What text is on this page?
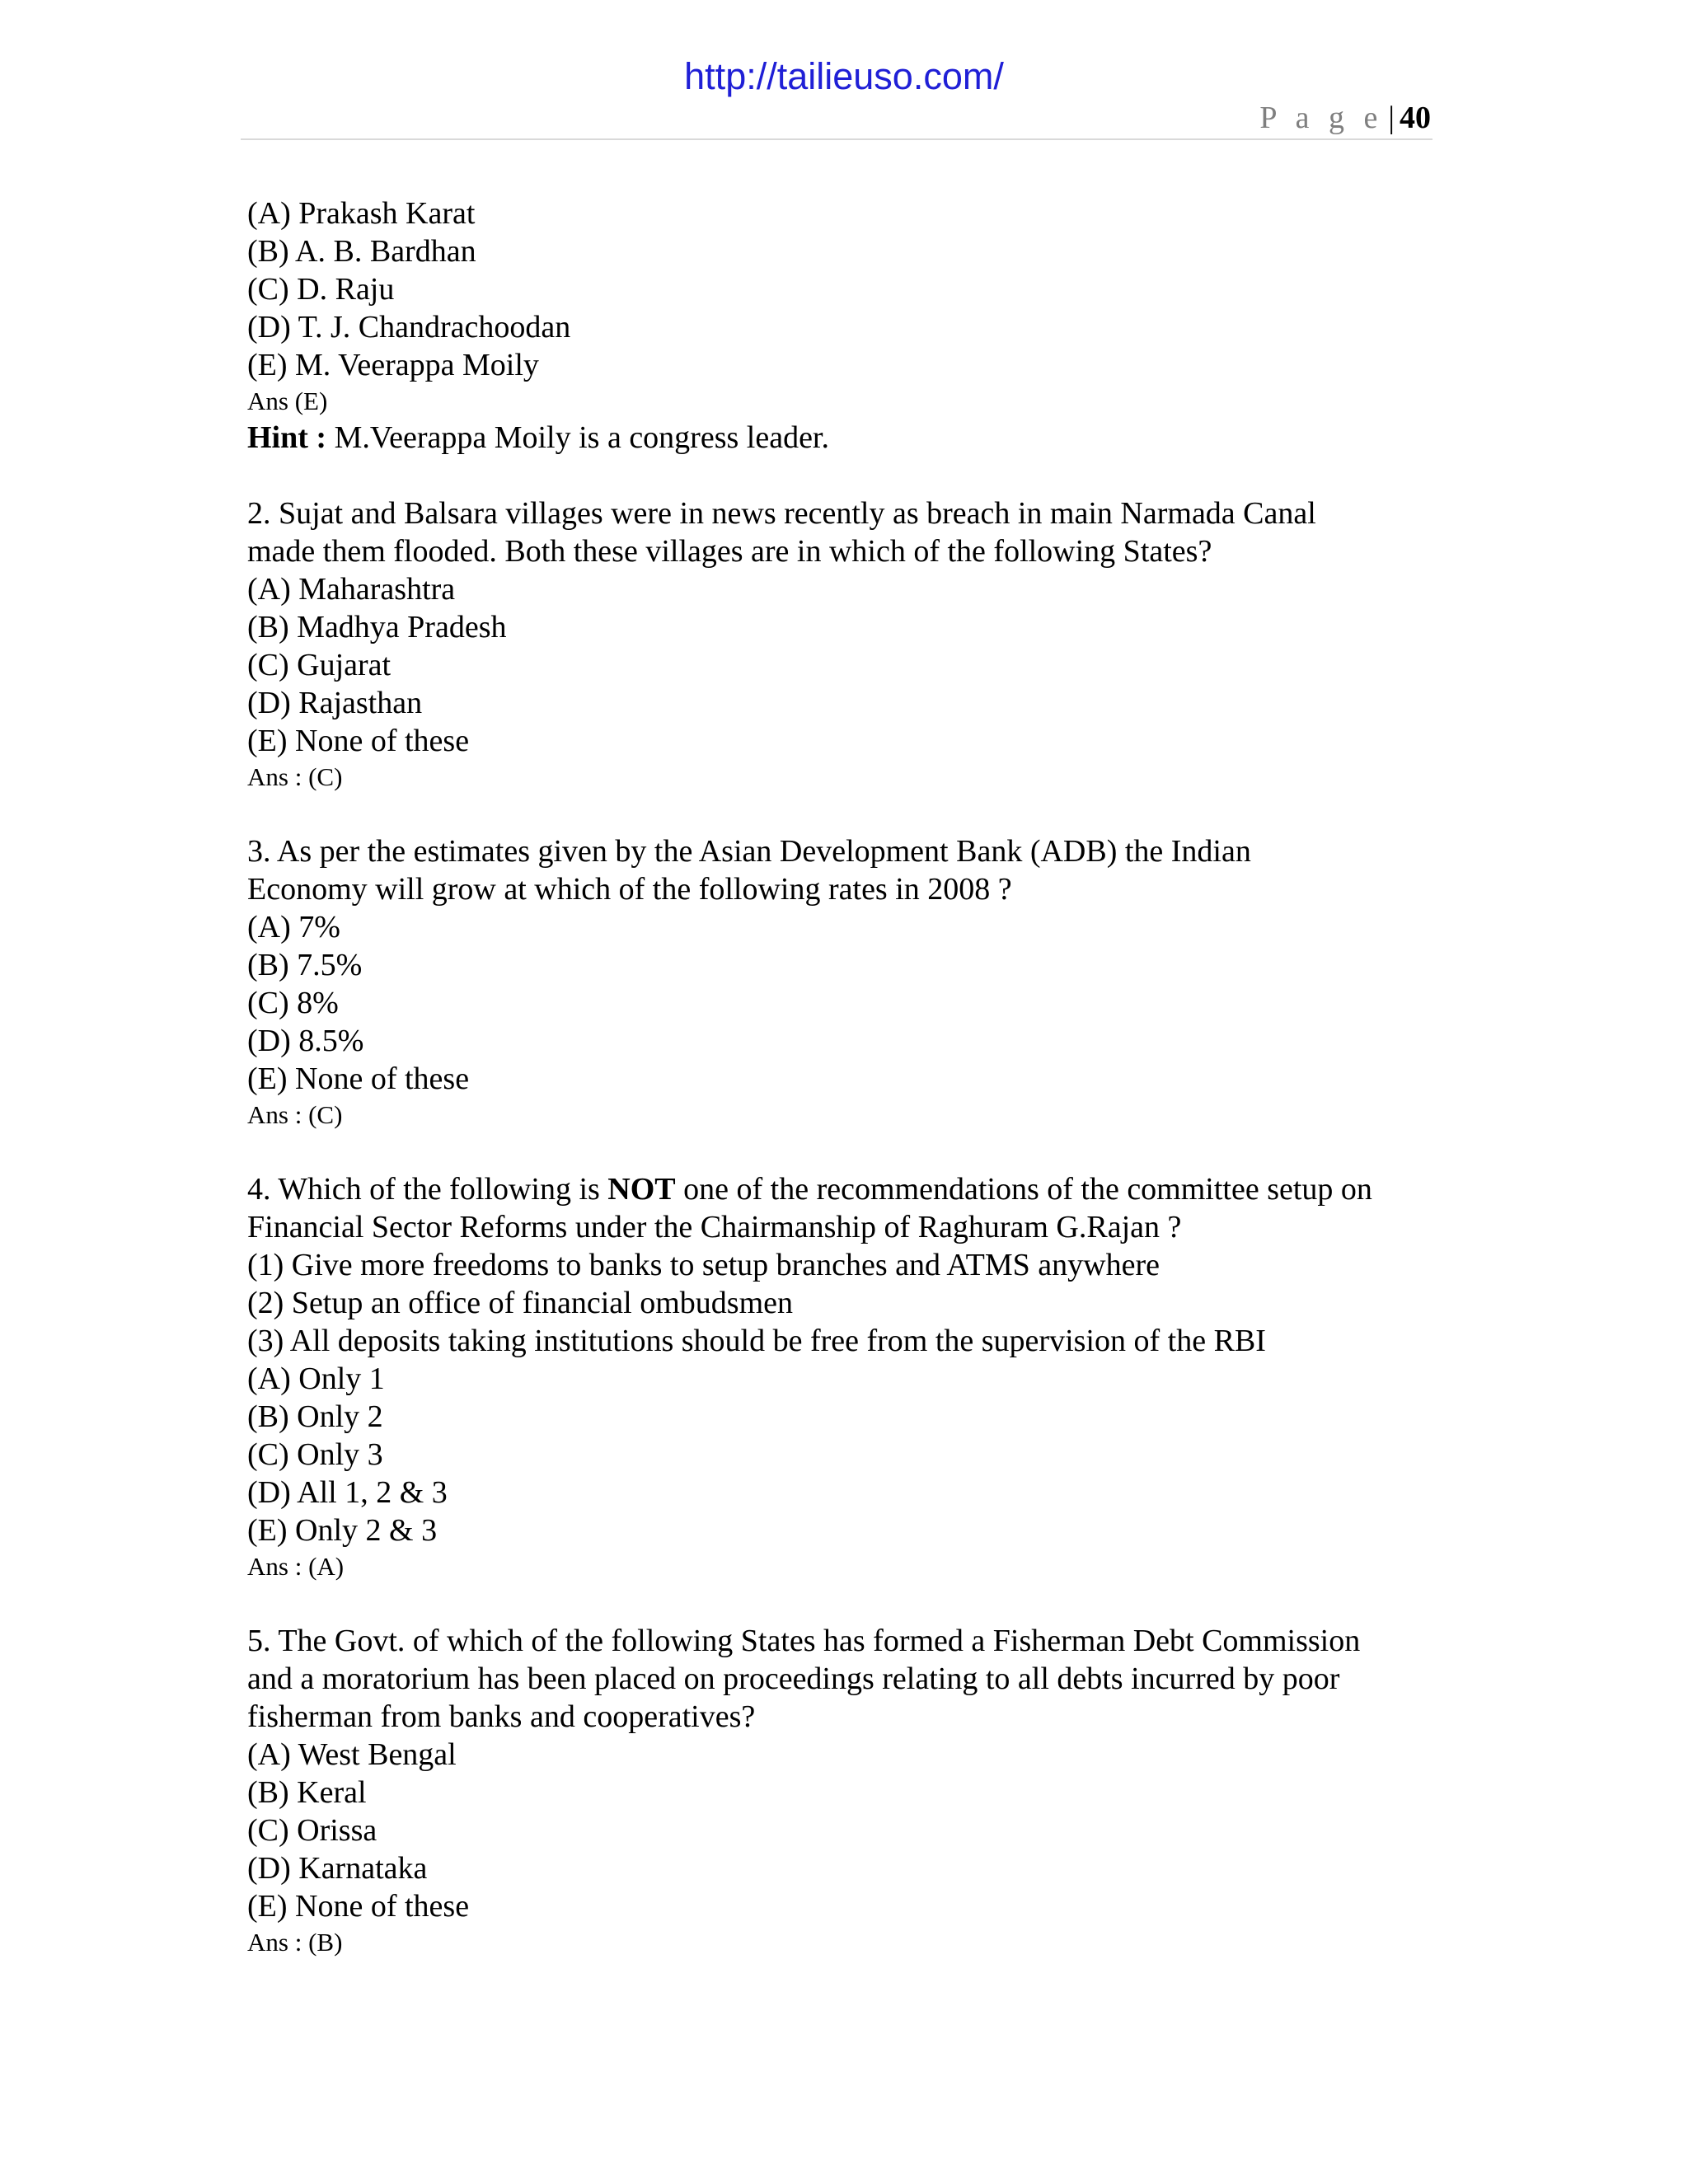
http://tailieuso.com/
P a g e | 40
(A) Prakash Karat
(B) A. B. Bardhan
(C) D. Raju
(D) T. J. Chandrachoodan
(E) M. Veerappa Moily
Ans (E)
Hint : M.Veerappa Moily is a congress leader.
2. Sujat and Balsara villages were in news recently as breach in main Narmada Canal
made them flooded. Both these villages are in which of the following States?
(A) Maharashtra
(B) Madhya Pradesh
(C) Gujarat
(D) Rajasthan
(E) None of these
Ans : (C)
3. As per the estimates given by the Asian Development Bank (ADB) the Indian
Economy will grow at which of the following rates in 2008 ?
(A) 7%
(B) 7.5%
(C) 8%
(D) 8.5%
(E) None of these
Ans : (C)
4. Which of the following is NOT one of the recommendations of the committee setup on
Financial Sector Reforms under the Chairmanship of Raghuram G.Rajan ?
(1) Give more freedoms to banks to setup branches and ATMS anywhere
(2) Setup an office of financial ombudsmen
(3) All deposits taking institutions should be free from the supervision of the RBI
(A) Only 1
(B) Only 2
(C) Only 3
(D) All 1, 2 & 3
(E) Only 2 & 3
Ans : (A)
5. The Govt. of which of the following States has formed a Fisherman Debt Commission
and a moratorium has been placed on proceedings relating to all debts incurred by poor
fisherman from banks and cooperatives?
(A) West Bengal
(B) Keral
(C) Orissa
(D) Karnataka
(E) None of these
Ans : (B)
